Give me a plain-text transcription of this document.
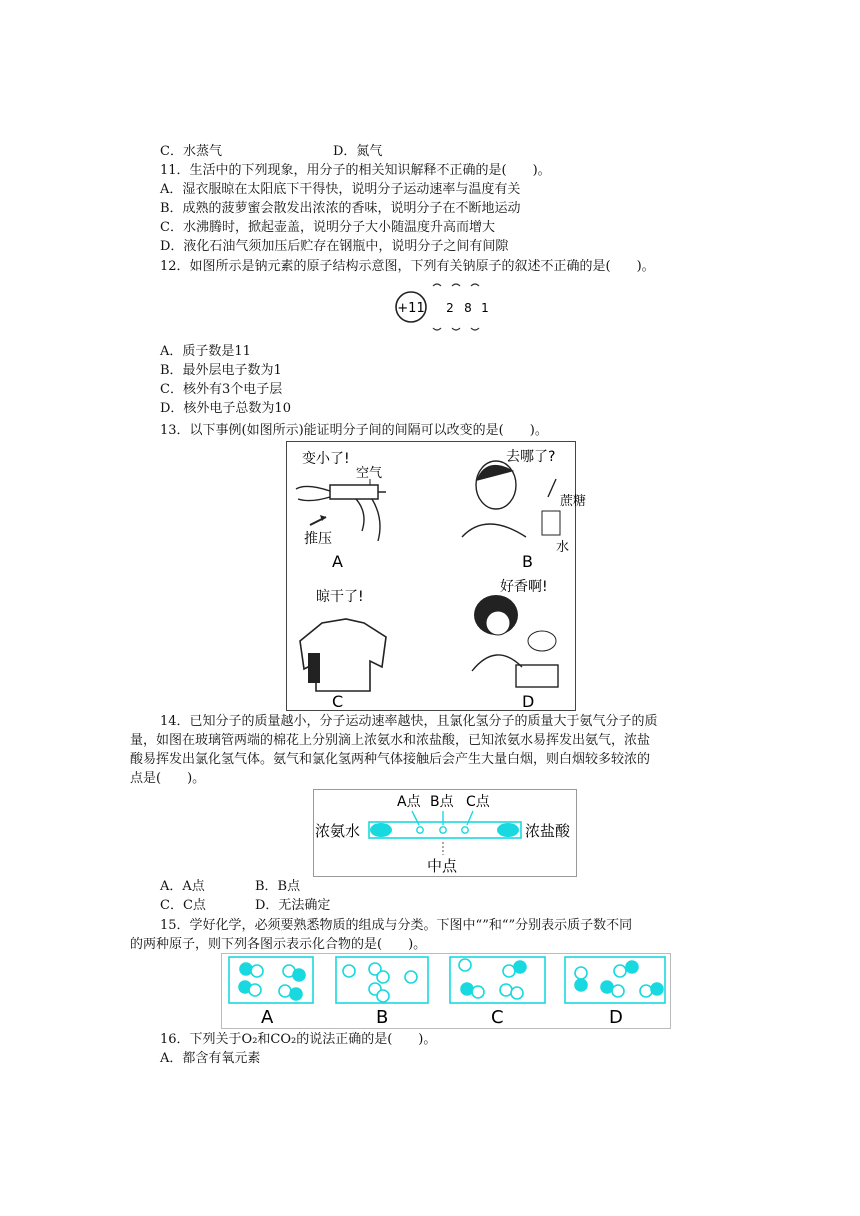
C．水蒸气	D．氮气
11．生活中的下列现象，用分子的相关知识解释不正确的是(　　)。
A．湿衣服晾在太阳底下干得快，说明分子运动速率与温度有关
B．成熟的菠萝蜜会散发出浓浓的香味，说明分子在不断地运动
C．水沸腾时，掀起壶盖，说明分子大小随温度升高而增大
D．液化石油气须加压后贮存在钢瓶中，说明分子之间有间隙
12．如图所示是钠元素的原子结构示意图，下列有关钠原子的叙述不正确的是(　　)。
+11 2 8 1
A．质子数是11
B．最外层电子数为1
C．核外有3个电子层
D．核外电子总数为10
13．以下事例(如图所示)能证明分子间的间隔可以改变的是(　　)。
变小了!
空气
推压
A
去哪了?
蔗糖
水
B
晾干了!
C
好香啊!
D
14．已知分子的质量越小，分子运动速率越快，且氯化氢分子的质量大于氨气分子的质
量，如图在玻璃管两端的棉花上分别滴上浓氨水和浓盐酸，已知浓氨水易挥发出氨气，浓盐
酸易挥发出氯化氢气体。氨气和氯化氢两种气体接触后会产生大量白烟，则白烟较多较浓的
点是(　　)。
A点 B点 C点
浓氨水	浓盐酸
中点
A．A点	B．B点
C．C点	D．无法确定
15．学好化学，必须要熟悉物质的组成与分类。下图中“”和“”分别表示质子数不同
的两种原子，则下列各图示表示化合物的是(　　)。
A	B	C	D
16．下列关于O₂和CO₂的说法正确的是(　　)。
A．都含有氧元素
